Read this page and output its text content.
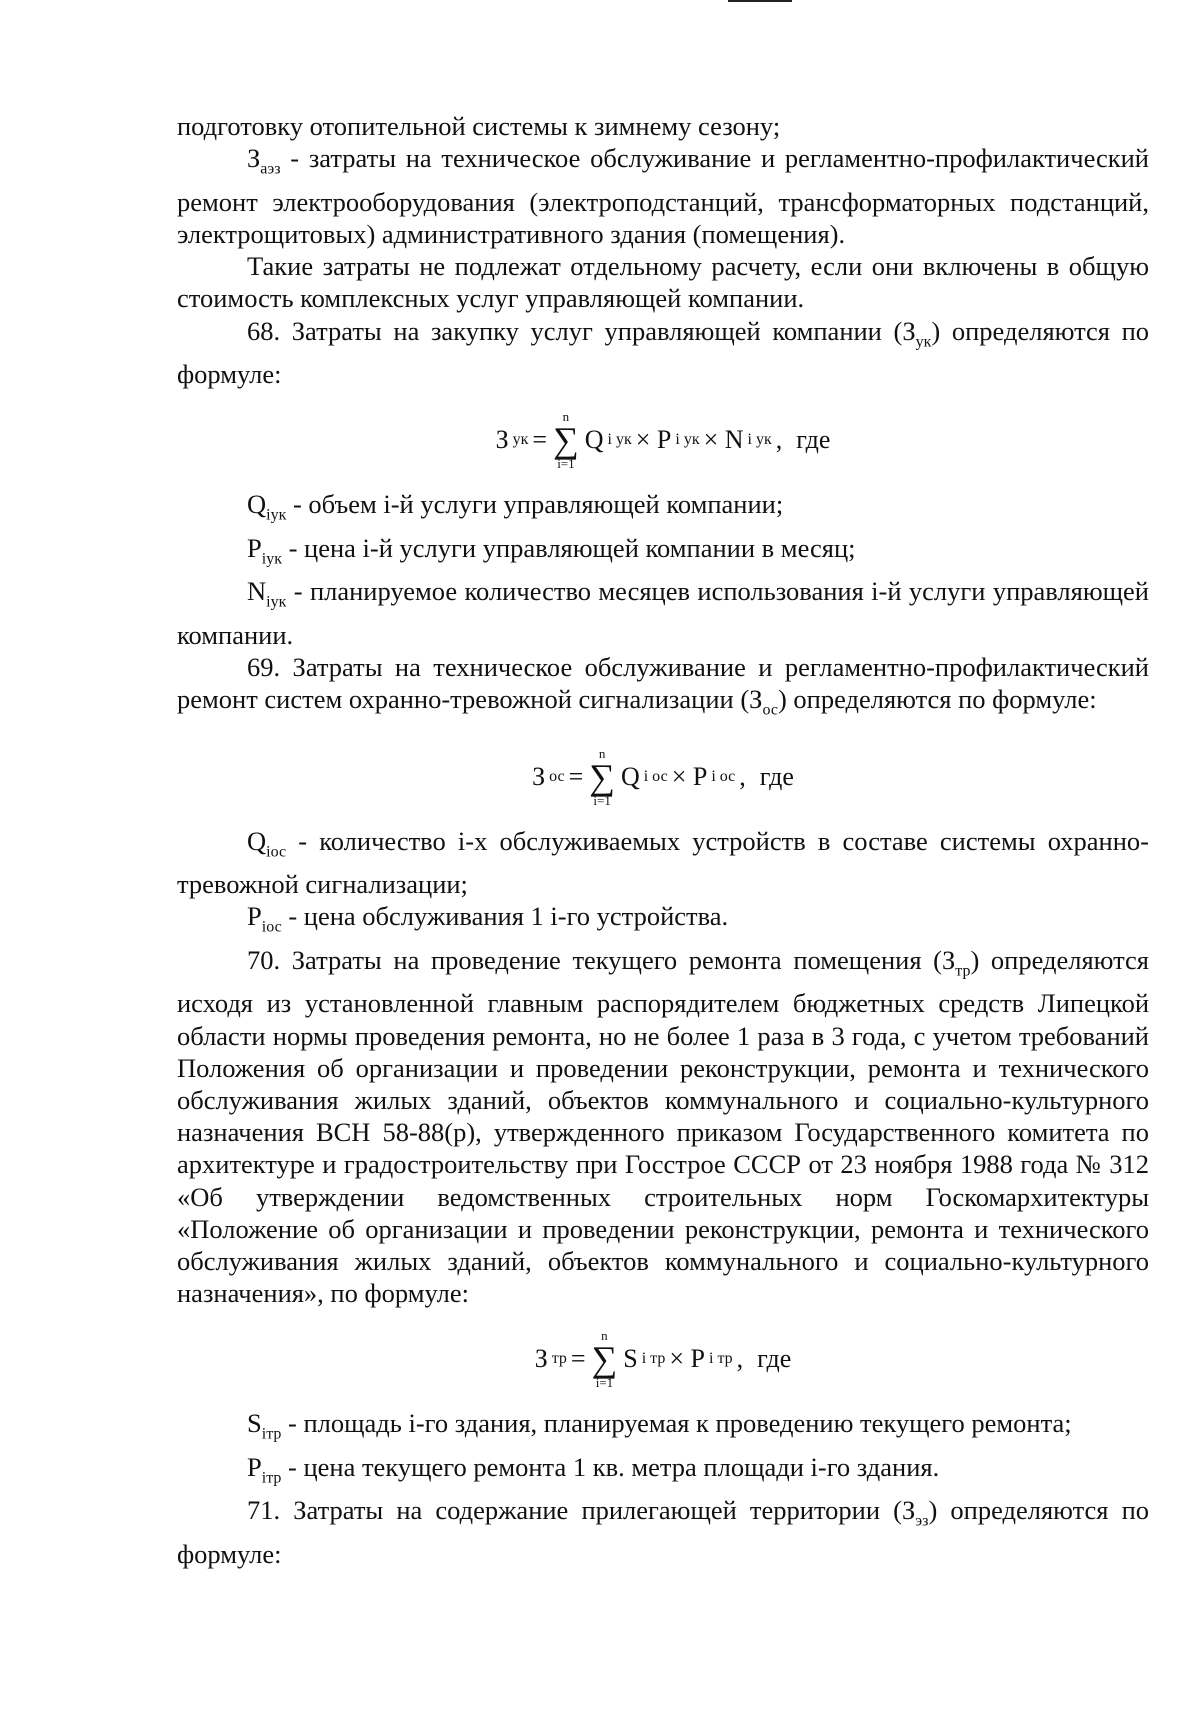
подготовку отопительной системы к зимнему сезону;

$З_{аэз}$ - затраты на техническое обслуживание и регламентно-профилактический ремонт электрооборудования (электроподстанций, трансформаторных подстанций, электрощитовых) административного здания (помещения).

Такие затраты не подлежат отдельному расчету, если они включены в общую стоимость комплексных услуг управляющей компании.

68. Затраты на закупку услуг управляющей компании $(З_{ук})$ определяются по формуле:

З ук =
n
∑
i=1
Q i ук × P i ук × N i ук , где

$Q_{iук}$ - объем i-й услуги управляющей компании;

$P_{iук}$ - цена i-й услуги управляющей компании в месяц;

$N_{iук}$ - планируемое количество месяцев использования i-й услуги управляющей компании.

69. Затраты на техническое обслуживание и регламентно-профилактический ремонт систем охранно-тревожной сигнализации $(З_{ос})$ определяются по формуле:

З ос =
n
∑
i=1
Q i ос × P i ос , где

$Q_{iос}$ - количество i-х обслуживаемых устройств в составе системы охранно-тревожной сигнализации;

$P_{iос}$ - цена обслуживания 1 i-го устройства.

70. Затраты на проведение текущего ремонта помещения $(З_{тр})$ определяются исходя из установленной главным распорядителем бюджетных средств Липецкой области нормы проведения ремонта, но не более 1 раза в 3 года, с учетом требований Положения об организации и проведении реконструкции, ремонта и технического обслуживания жилых зданий, объектов коммунального и социально-культурного назначения ВСН 58-88(р), утвержденного приказом Государственного комитета по архитектуре и градостроительству при Госстрое СССР от 23 ноября 1988 года № 312 «Об утверждении ведомственных строительных норм Госкомархитектуры «Положение об организации и проведении реконструкции, ремонта и технического обслуживания жилых зданий, объектов коммунального и социально-культурного назначения», по формуле:

З тр =
n
∑
i=1
S i тр × P i тр , где

$S_{iтр}$ - площадь i-го здания, планируемая к проведению текущего ремонта;

$P_{iтр}$ - цена текущего ремонта 1 кв. метра площади i-го здания.

71. Затраты на содержание прилегающей территории $(З_{эз})$ определяются по формуле:
